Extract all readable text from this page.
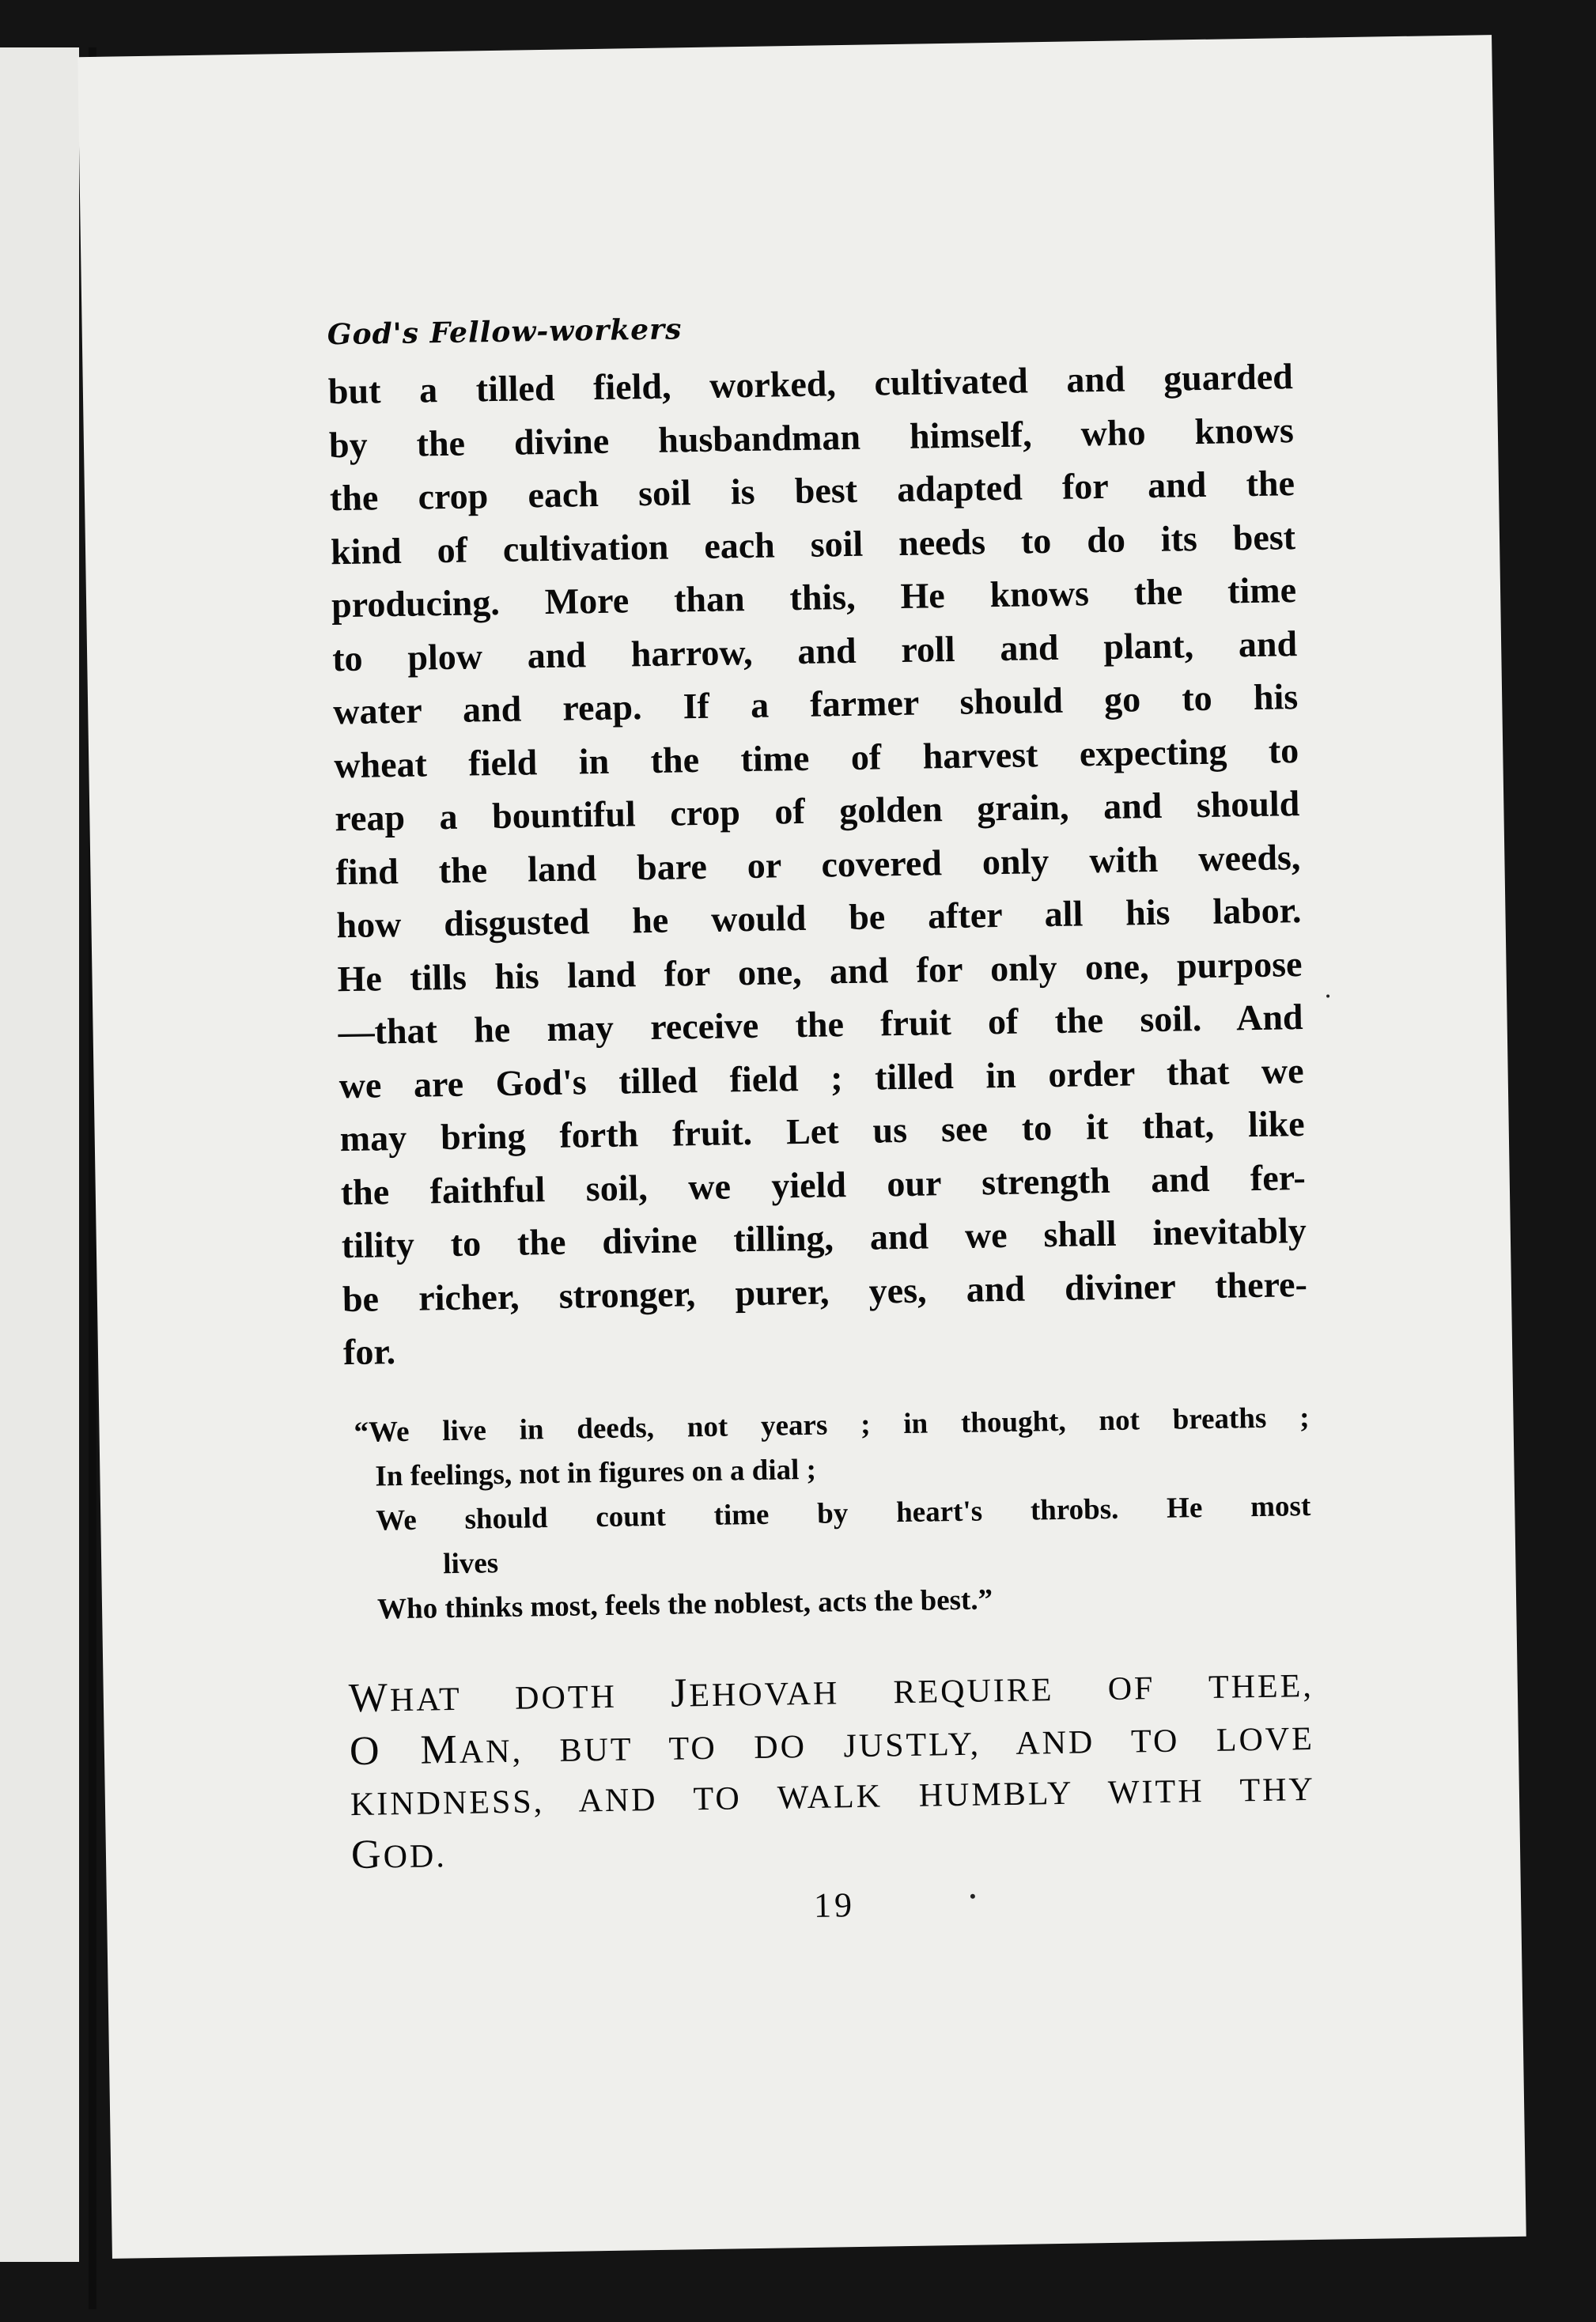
God's Fellow-workers
but a tilled field, worked, cultivated and guarded
by the divine husbandman himself, who knows
the crop each soil is best adapted for and the
kind of cultivation each soil needs to do its best
producing. More than this, He knows the time
to plow and harrow, and roll and plant, and
water and reap. If a farmer should go to his
wheat field in the time of harvest expecting to
reap a bountiful crop of golden grain, and should
find the land bare or covered only with weeds,
how disgusted he would be after all his labor.
He tills his land for one, and for only one, purpose
—that he may receive the fruit of the soil. And
we are God's tilled field ; tilled in order that we
may bring forth fruit. Let us see to it that, like
the faithful soil, we yield our strength and fer-
tility to the divine tilling, and we shall inevitably
be richer, stronger, purer, yes, and diviner there-
for.
“We live in deeds, not years ; in thought, not breaths ;
In feelings, not in figures on a dial ;
We should count time by heart's throbs. He most
lives
Who thinks most, feels the noblest, acts the best.”
WHAT DOTH JEHOVAH REQUIRE OF THEE,
O MAN, BUT TO DO JUSTLY, AND TO LOVE
KINDNESS, AND TO WALK HUMBLY WITH THY
GOD.
19
